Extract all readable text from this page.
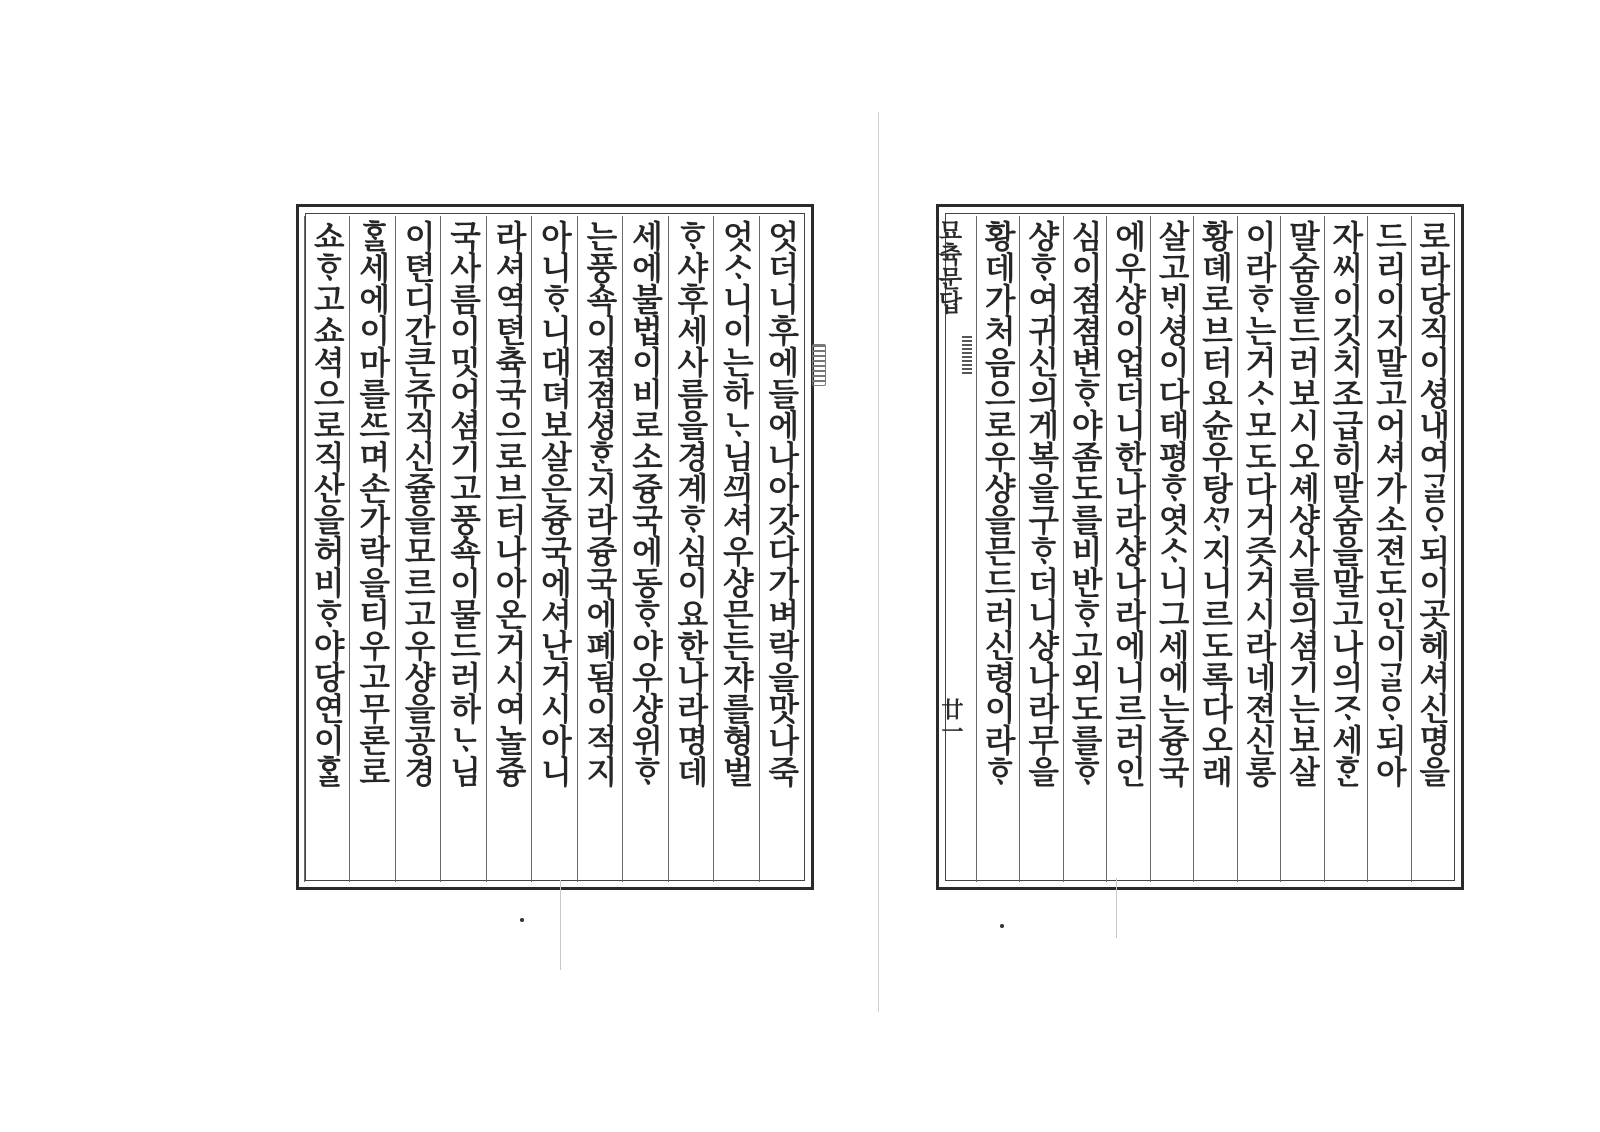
엇더니후에들에나아갓다가벼락을맛나죽
엇ᄉᆞ니이는하ᄂᆞ님ᄭᅴ셔우샹믄든쟈를형벌
ᄒᆞ샤후세사름을경계ᄒᆞ심이요한나라명데
세에불법이비로소즁국에동ᄒᆞ야우샹위ᄒᆞ
는풍쇽이졈졈셩ᄒᆞᆫ지라즁국에폐됨이적지
아니ᄒᆞ니대뎌보살은즁국에셔난거시아니
라셔역텬츅국으로브터나아온거시여놀즁
국사름이밋어셤기고풍쇽이물드러하ᄂᆞ님
이텬디간큰쥬직신쥴을모르고우샹을공경
ᄒᆞᆯ세에이마를ᄯᅳ며손가락을티우고무론로
쇼ᄒᆞ고쇼셕으로직산을허비ᄒᆞ야당연이ᄒᆞᆯ	묘츅문답
廿一	로라당직이셩내여ᄀᆞᆯᄋᆞ되이곳헤셔신명을
드리이지말고어셔가소젼도인이ᄀᆞᆯᄋᆞ되아
자씨이깃치조급히말숨을말고나의ᄌᆞ세ᄒᆞᆫ
말숨을드러보시오셰샹사름의셤기는보살
이라ᄒᆞ는거ᄉᆞ모도다거즛거시라네젼신롱
황뎨로브터요슌우탕ᄭᆞ지니르도록다오래
살고ᄇᆡ셩이다태평ᄒᆞ엿ᄉᆞ니그세에는즁국
에우샹이업더니한나라샹나라에니르러인
심이졈졈변ᄒᆞ야좀도를비반ᄒᆞ고외도를ᄒᆞ
샹ᄒᆞ여귀신의게복을구ᄒᆞ더니샹나라무을
황데가처음으로우샹을믄드러신령이라ᄒᆞ
